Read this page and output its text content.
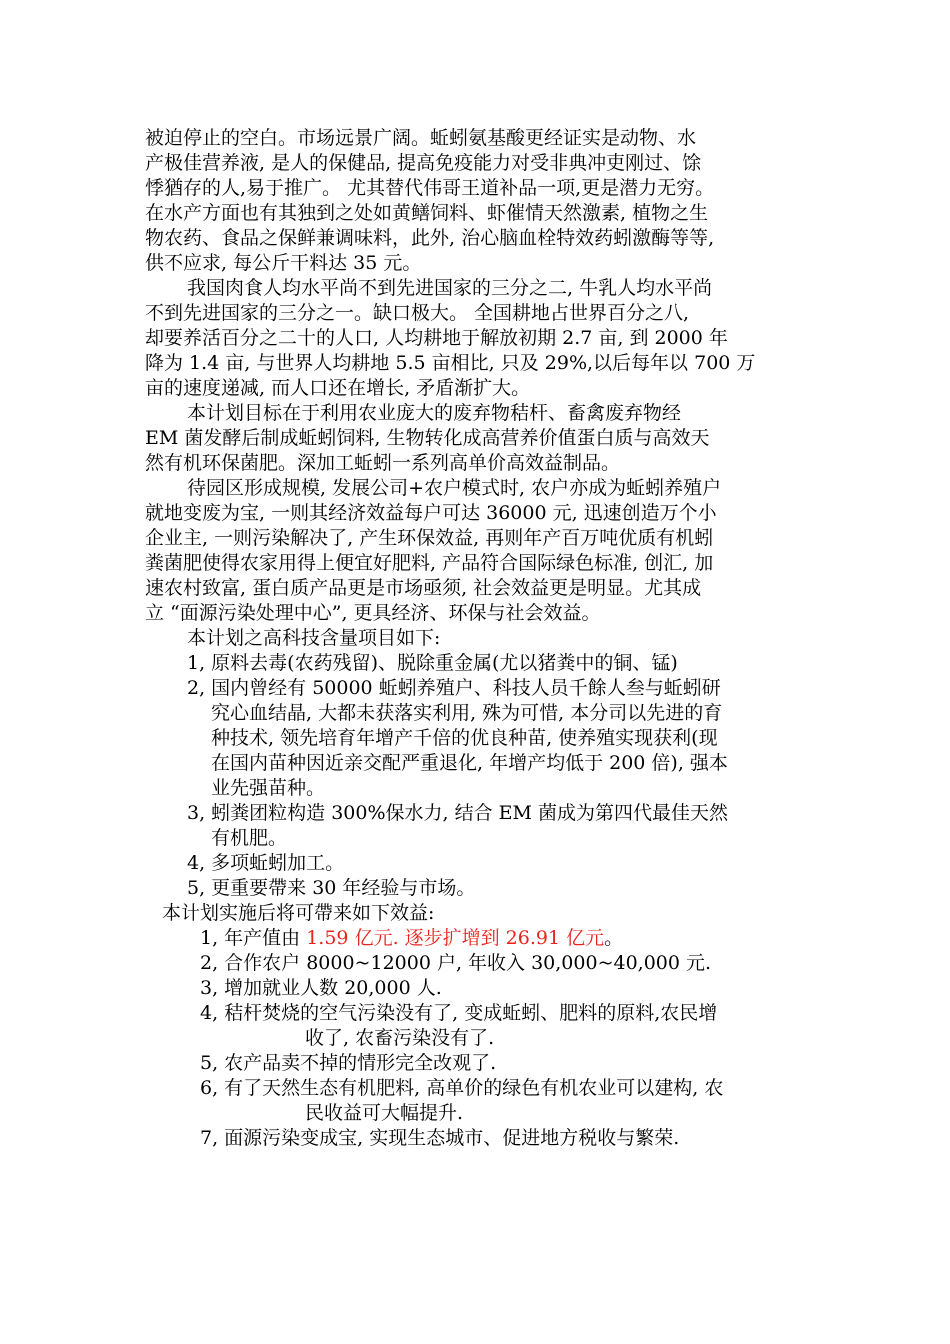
被迫停止的空白。市场远景广阔。蚯蚓氨基酸更经证实是动物、水
产极佳营养液, 是人的保健品, 提高免疫能力对受非典冲吏刚过、馀
悸猶存的人,易于推广。 尤其替代伟哥王道补品一项,更是潜力无穷。
在水产方面也有其独到之处如黄鳝饲料、虾催情天然激素, 植物之生
物农药、食品之保鲜兼调味料，此外, 治心脑血栓特效药蚓激酶等等,
供不应求, 每公斤干料达 35 元。
我国肉食人均水平尚不到先进国家的三分之二, 牛乳人均水平尚
不到先进国家的三分之一。缺口极大。 全国耕地占世界百分之八,
却要养活百分之二十的人口, 人均耕地于解放初期 2.7 亩, 到 2000 年
降为 1.4 亩, 与世界人均耕地 5.5 亩相比, 只及 29%,以后每年以 700 万
亩的速度递减, 而人口还在增长, 矛盾渐扩大。
本计划目标在于利用农业庞大的废弃物秸杆、畜禽废弃物经
EM 菌发酵后制成蚯蚓饲料, 生物转化成高营养价值蛋白质与高效天
然有机环保菌肥。深加工蚯蚓一系列高单价高效益制品。
待园区形成规模, 发展公司+农户模式时, 农户亦成为蚯蚓养殖户
就地变废为宝, 一则其经济效益每户可达 36000 元, 迅速创造万个小
企业主, 一则污染解决了, 产生环保效益, 再则年产百万吨优质有机蚓
粪菌肥使得农家用得上便宜好肥料, 产品符合国际绿色标准, 创汇, 加
速农村致富, 蛋白质产品更是市场亟须, 社会效益更是明显。尤其成
立 “面源污染处理中心”, 更具经济、环保与社会效益。
本计划之高科技含量项目如下:
1, 原料去毒(农药残留)、脱除重金属(尤以猪粪中的铜、锰)
2, 国内曾经有 50000 蚯蚓养殖户、科技人员千餘人叁与蚯蚓研
究心血结晶, 大都未获落实利用, 殊为可惜, 本分司以先进的育
种技术, 领先培育年增产千倍的优良种苗, 使养殖实现获利(现
在国内苗种因近亲交配严重退化, 年增产均低于 200 倍), 强本
业先强苗种。
3, 蚓粪团粒构造 300%保水力, 结合 EM 菌成为第四代最佳天然
有机肥。
4, 多项蚯蚓加工。
5, 更重要帶来 30 年经验与市场。
本计划实施后将可帶来如下效益:
1, 年产值由 1.59 亿元. 逐步扩增到 26.91 亿元。
2, 合作农户 8000~12000 户, 年收入 30,000~40,000 元.
3, 增加就业人数 20,000 人.
4, 秸杆焚烧的空气污染没有了, 变成蚯蚓、肥料的原料,农民增
收了, 农畜污染没有了.
5, 农产品卖不掉的情形完全改观了.
6, 有了天然生态有机肥料, 高单价的绿色有机农业可以建构, 农
民收益可大幅提升.
7, 面源污染变成宝, 实现生态城市、促进地方税收与繁荣.
